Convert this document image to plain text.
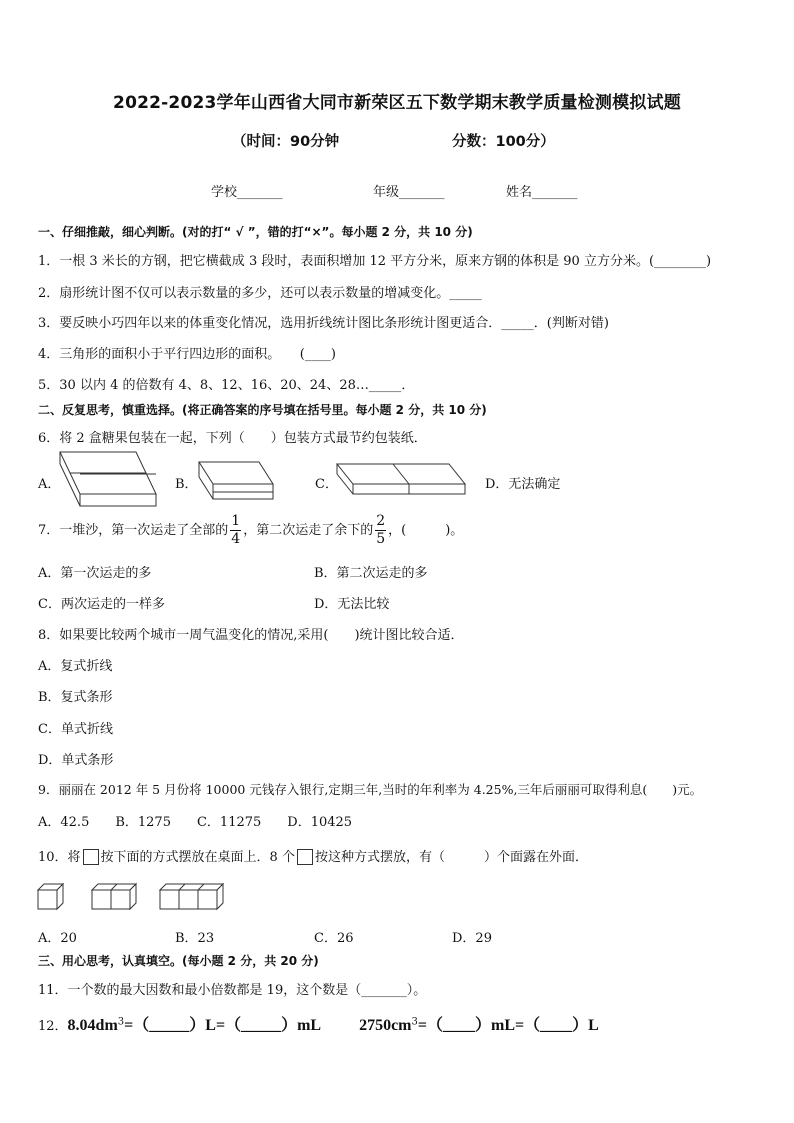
2022-2023学年山西省大同市新荣区五下数学期末教学质量检测模拟试题
（时间：90分钟	分数：100分）
学校_______	年级_______	姓名_______
一、仔细推敲，细心判断。(对的打“ √ ”，错的打“×”。每小题 2 分，共 10 分)
1．一根 3 米长的方钢，把它横截成 3 段时，表面积增加 12 平方分米，原来方钢的体积是 90 立方分米。(________)
2．扇形统计图不仅可以表示数量的多少，还可以表示数量的增减变化。_____
3．要反映小巧四年以来的体重变化情况，选用折线统计图比条形统计图更适合．_____．(判断对错)
4．三角形的面积小于平行四边形的面积。　　(____)
5．30 以内 4 的倍数有 4、8、12、16、20、24、28…_____．
二、反复思考，慎重选择。(将正确答案的序号填在括号里。每小题 2 分，共 10 分)
6．将 2 盒糖果包装在一起，下列（　　）包装方式最节约包装纸．
A．	B．	C．	D．无法确定
7．一堆沙，第一次运走了全部的 $\frac{1}{4}$ ，第二次运走了余下的 $\frac{2}{5}$ ，(　　　)。
A．第一次运走的多	B．第二次运走的多
C．两次运走的一样多	D．无法比较
8．如果要比较两个城市一周气温变化的情况,采用(　　)统计图比较合适．
A．复式折线
B．复式条形
C．单式折线
D．单式条形
9．丽丽在 2012 年 5 月份将 10000 元钱存入银行,定期三年,当时的年利率为 4.25%,三年后丽丽可取得利息(　　)元。
A．42.5　　B．1275　　C．11275　　D．10425
10．将 按下面的方式摆放在桌面上．8 个 按这种方式摆放，有（　　　）个面露在外面．
A．20	B．23	C．26	D．29
三、用心思考，认真填空。(每小题 2 分，共 20 分)
11．一个数的最大因数和最小倍数都是 19，这个数是（_______）。
12．$8.04dm^3=(\_\_\_\_\_)L=(\_\_\_\_\_)mL$ $2750cm^3=(\_\_\_\_)mL=(\_\_\_\_)L$
